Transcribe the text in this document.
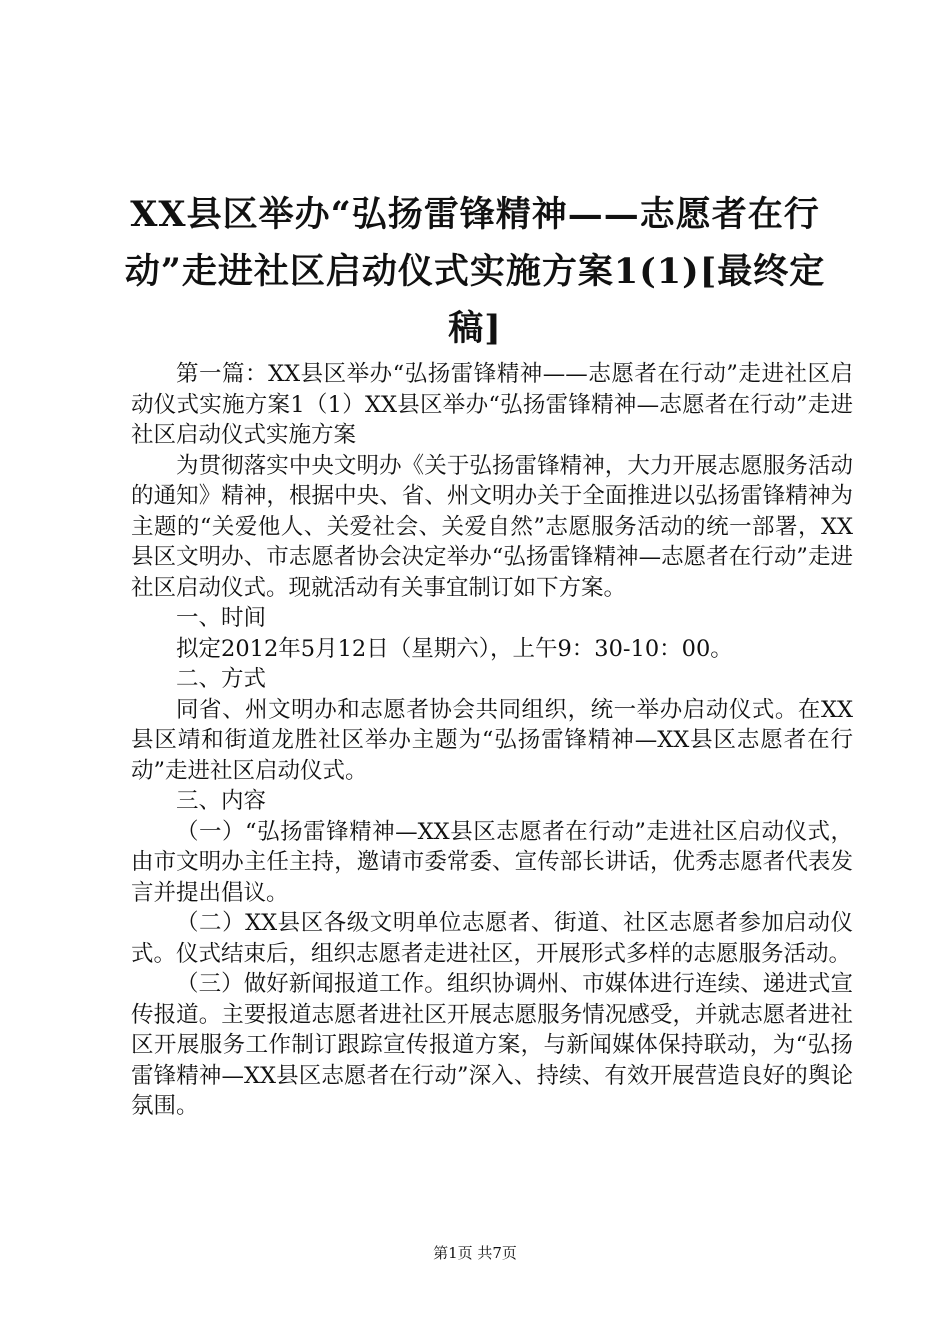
XX县区举办“弘扬雷锋精神——志愿者在行动”走进社区启动仪式实施方案1(1)[最终定稿]

第一篇：XX县区举办“弘扬雷锋精神——志愿者在行动”走进社区启动仪式实施方案1（1）XX县区举办“弘扬雷锋精神—志愿者在行动”走进社区启动仪式实施方案

为贯彻落实中央文明办《关于弘扬雷锋精神，大力开展志愿服务活动的通知》精神，根据中央、省、州文明办关于全面推进以弘扬雷锋精神为主题的“关爱他人、关爱社会、关爱自然”志愿服务活动的统一部署，XX县区文明办、市志愿者协会决定举办“弘扬雷锋精神—志愿者在行动”走进社区启动仪式。现就活动有关事宜制订如下方案。

一、时间

拟定2012年5月12日（星期六），上午9：30-10：00。

二、方式

同省、州文明办和志愿者协会共同组织，统一举办启动仪式。在XX县区靖和街道龙胜社区举办主题为“弘扬雷锋精神—XX县区志愿者在行动”走进社区启动仪式。

三、内容

（一）“弘扬雷锋精神—XX县区志愿者在行动”走进社区启动仪式，由市文明办主任主持，邀请市委常委、宣传部长讲话，优秀志愿者代表发言并提出倡议。

（二）XX县区各级文明单位志愿者、街道、社区志愿者参加启动仪式。仪式结束后，组织志愿者走进社区，开展形式多样的志愿服务活动。

（三）做好新闻报道工作。组织协调州、市媒体进行连续、递进式宣传报道。主要报道志愿者进社区开展志愿服务情况感受，并就志愿者进社区开展服务工作制订跟踪宣传报道方案，与新闻媒体保持联动，为“弘扬雷锋精神—XX县区志愿者在行动”深入、持续、有效开展营造良好的舆论氛围。

第1页 共7页
